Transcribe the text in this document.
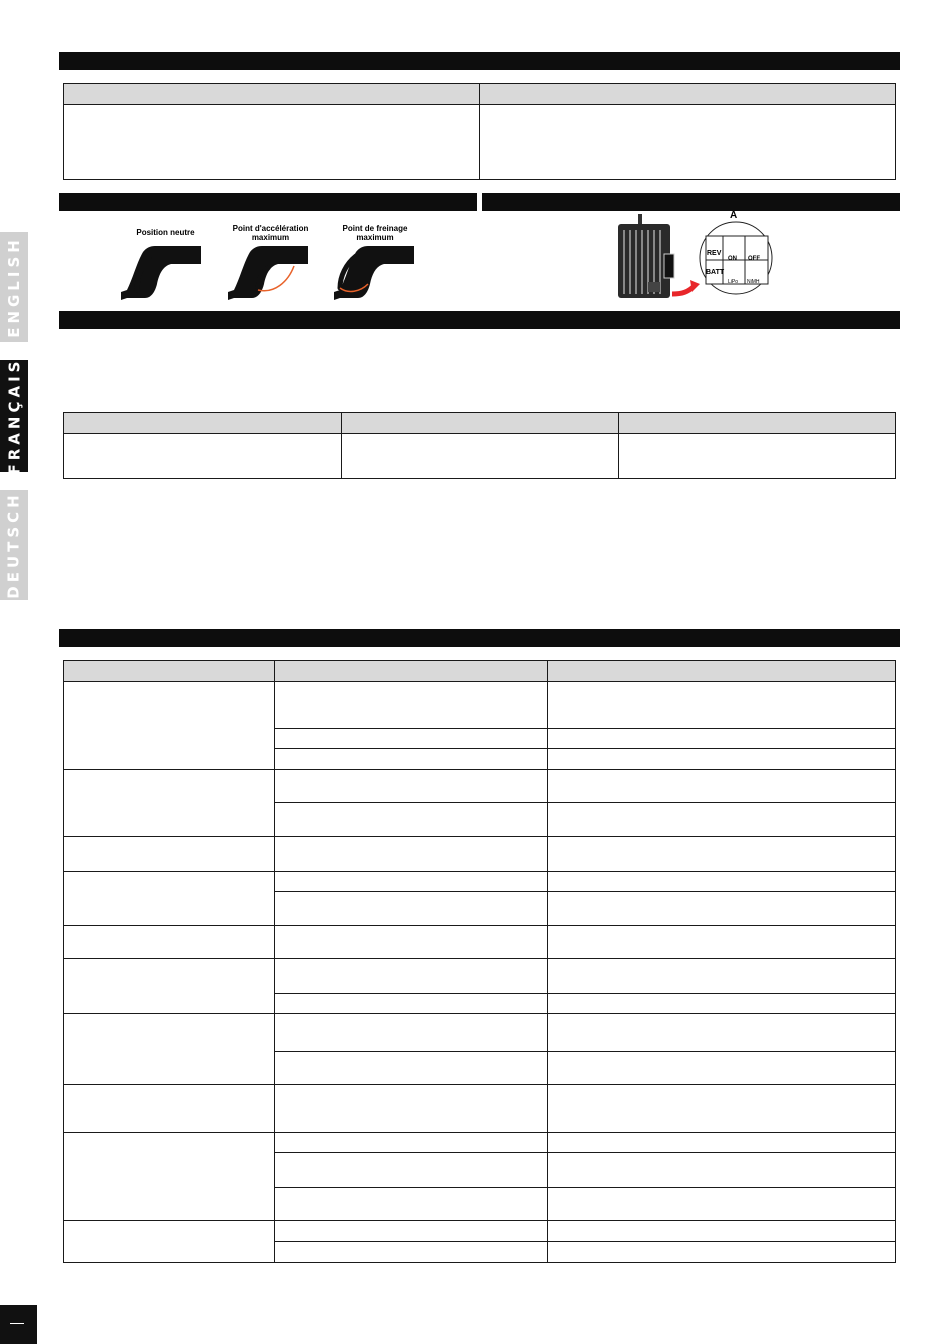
ENGLISH
FRANÇAIS
DEUTSCH

Position neutre	Point d'accélération maximum
Point de freinage maximum
A
REV
BATT
ON OFF
LiPo NiMH
